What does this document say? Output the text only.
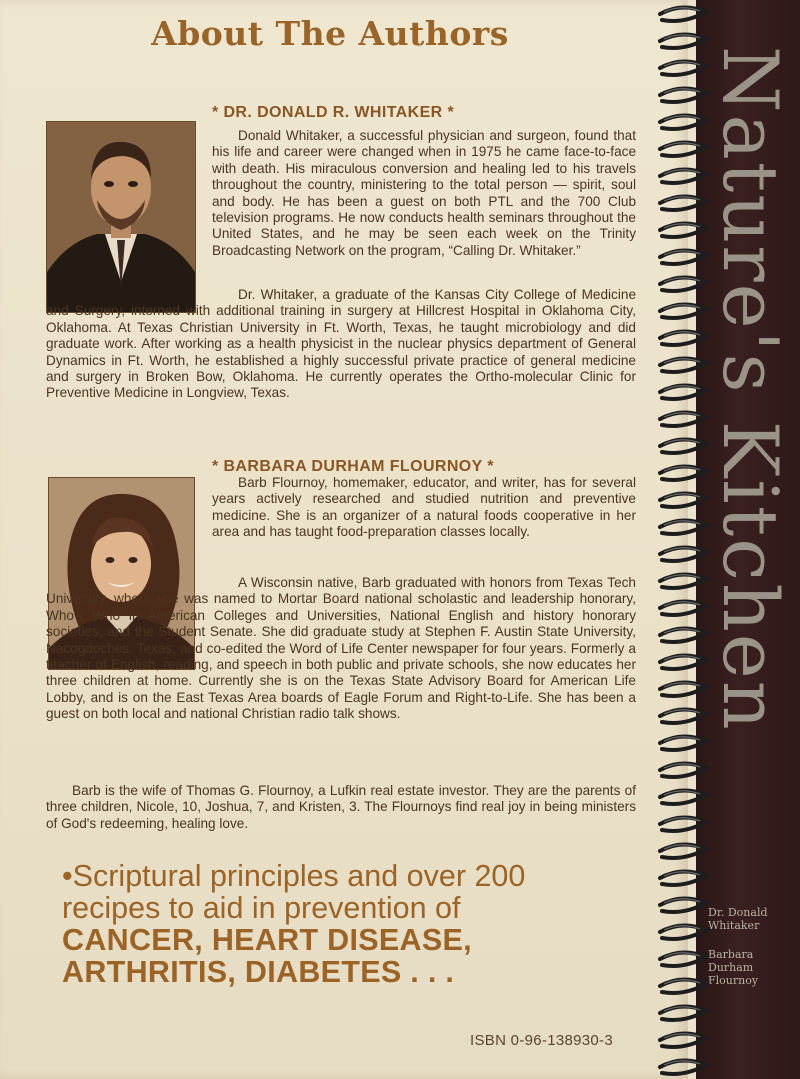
About The Authors
* DR. DONALD R. WHITAKER *

Donald Whitaker, a successful physician and surgeon, found that his life and career were changed when in 1975 he came face-to-face with death. His miraculous conversion and healing led to his travels throughout the country, ministering to the total person — spirit, soul and body. He has been a guest on both PTL and the 700 Club television programs. He now conducts health seminars throughout the United States, and he may be seen each week on the Trinity Broadcasting Network on the program, “Calling Dr. Whitaker.”

Dr. Whitaker, a graduate of the Kansas City College of Medicine and Surgery, interned with additional training in surgery at Hillcrest Hospital in Oklahoma City, Oklahoma. At Texas Christian University in Ft. Worth, Texas, he taught microbiology and did graduate work. After working as a health physicist in the nuclear physics department of General Dynamics in Ft. Worth, he established a highly successful private practice of general medicine and surgery in Broken Bow, Oklahoma. He currently operates the Ortho-molecular Clinic for Preventive Medicine in Longview, Texas.

* BARBARA DURHAM FLOURNOY *

Barb Flournoy, homemaker, educator, and writer, has for several years actively researched and studied nutrition and preventive medicine. She is an organizer of a natural foods cooperative in her area and has taught food-preparation classes locally.

A Wisconsin native, Barb graduated with honors from Texas Tech University, where she was named to Mortar Board national scholastic and leadership honorary, Who's Who in American Colleges and Universities, National English and history honorary societies, and the Student Senate. She did graduate study at Stephen F. Austin State University, Nacogdoches, Texas, and co-edited the Word of Life Center newspaper for four years. Formerly a teacher of English, reading, and speech in both public and private schools, she now educates her three children at home. Currently she is on the Texas State Advisory Board for American Life Lobby, and is on the East Texas Area boards of Eagle Forum and Right-to-Life. She has been a guest on both local and national Christian radio talk shows.

Barb is the wife of Thomas G. Flournoy, a Lufkin real estate investor. They are the parents of three children, Nicole, 10, Joshua, 7, and Kristen, 3. The Flournoys find real joy in being ministers of God's redeeming, healing love.

•Scriptural principles and over 200
recipes to aid in prevention of
CANCER, HEART DISEASE,
ARTHRITIS, DIABETES . . .
ISBN 0-96-138930-3
Nature's Kitchen
Dr. Donald
Whitaker
Barbara
Durham
Flournoy
